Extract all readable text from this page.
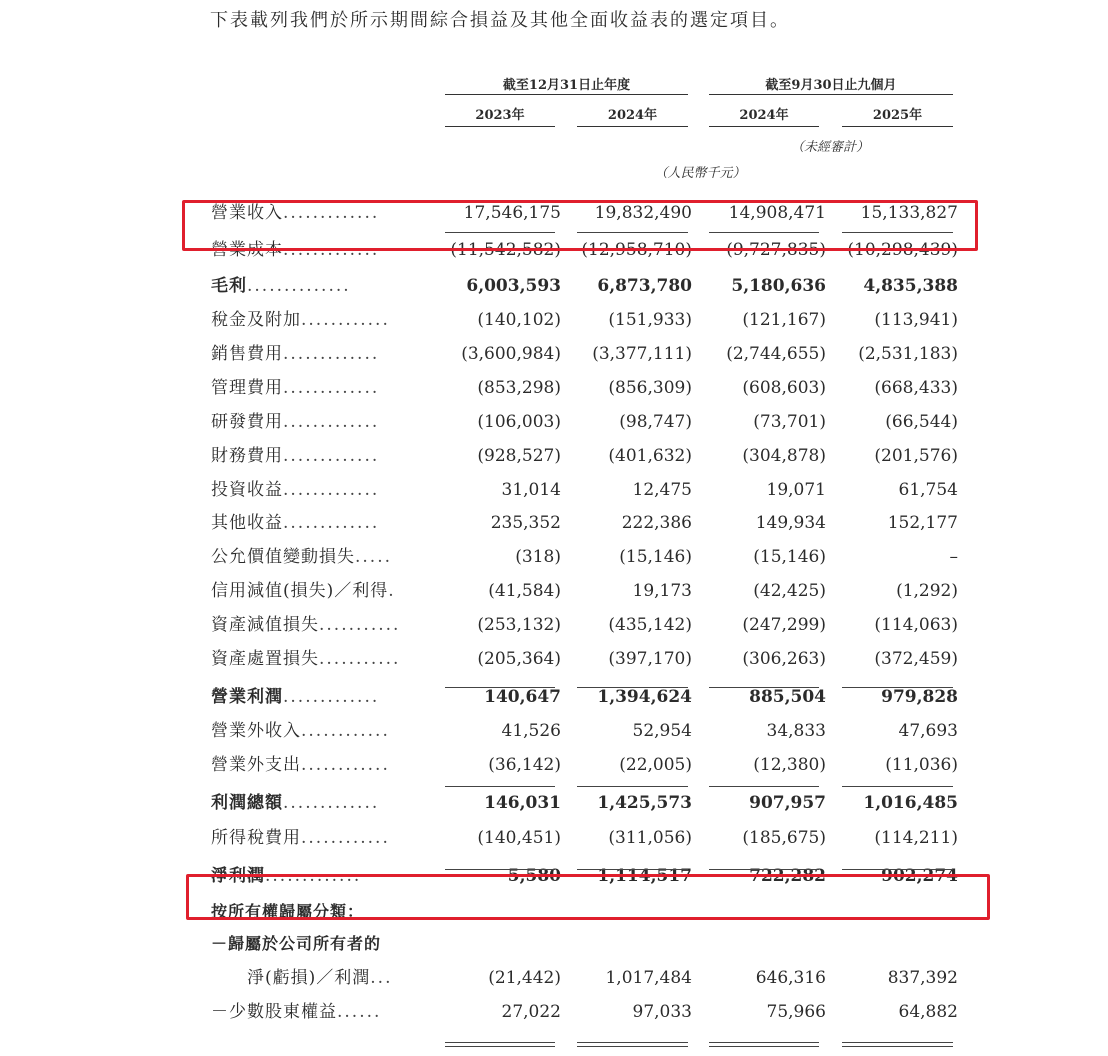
下表載列我們於所示期間綜合損益及其他全面收益表的選定項目。
截至12月31日止年度	截至9月30日止九個月
2023年	2024年	2024年	2025年
（未經審計）
（人民幣千元）
營業收入.............	17,546,175	19,832,490	14,908,471	15,133,827
營業成本.............	(11,542,582)	(12,958,710)	(9,727,835)	(10,298,439)
毛利..............	6,003,593	6,873,780	5,180,636	4,835,388
稅金及附加............	(140,102)	(151,933)	(121,167)	(113,941)
銷售費用.............	(3,600,984)	(3,377,111)	(2,744,655)	(2,531,183)
管理費用.............	(853,298)	(856,309)	(608,603)	(668,433)
研發費用.............	(106,003)	(98,747)	(73,701)	(66,544)
財務費用.............	(928,527)	(401,632)	(304,878)	(201,576)
投資收益.............	31,014	12,475	19,071	61,754
其他收益.............	235,352	222,386	149,934	152,177
公允價值變動損失.....	(318)	(15,146)	(15,146)	–
信用減值(損失)／利得.	(41,584)	19,173	(42,425)	(1,292)
資產減值損失...........	(253,132)	(435,142)	(247,299)	(114,063)
資產處置損失...........	(205,364)	(397,170)	(306,263)	(372,459)
營業利潤.............	140,647	1,394,624	885,504	979,828
營業外收入............	41,526	52,954	34,833	47,693
營業外支出............	(36,142)	(22,005)	(12,380)	(11,036)
利潤總額.............	146,031	1,425,573	907,957	1,016,485
所得稅費用............	(140,451)	(311,056)	(185,675)	(114,211)
淨利潤.............	5,580	1,114,517	722,282	902,274
按所有權歸屬分類：
－歸屬於公司所有者的
淨(虧損)／利潤...	(21,442)	1,017,484	646,316	837,392
－少數股東權益......	27,022	97,033	75,966	64,882
